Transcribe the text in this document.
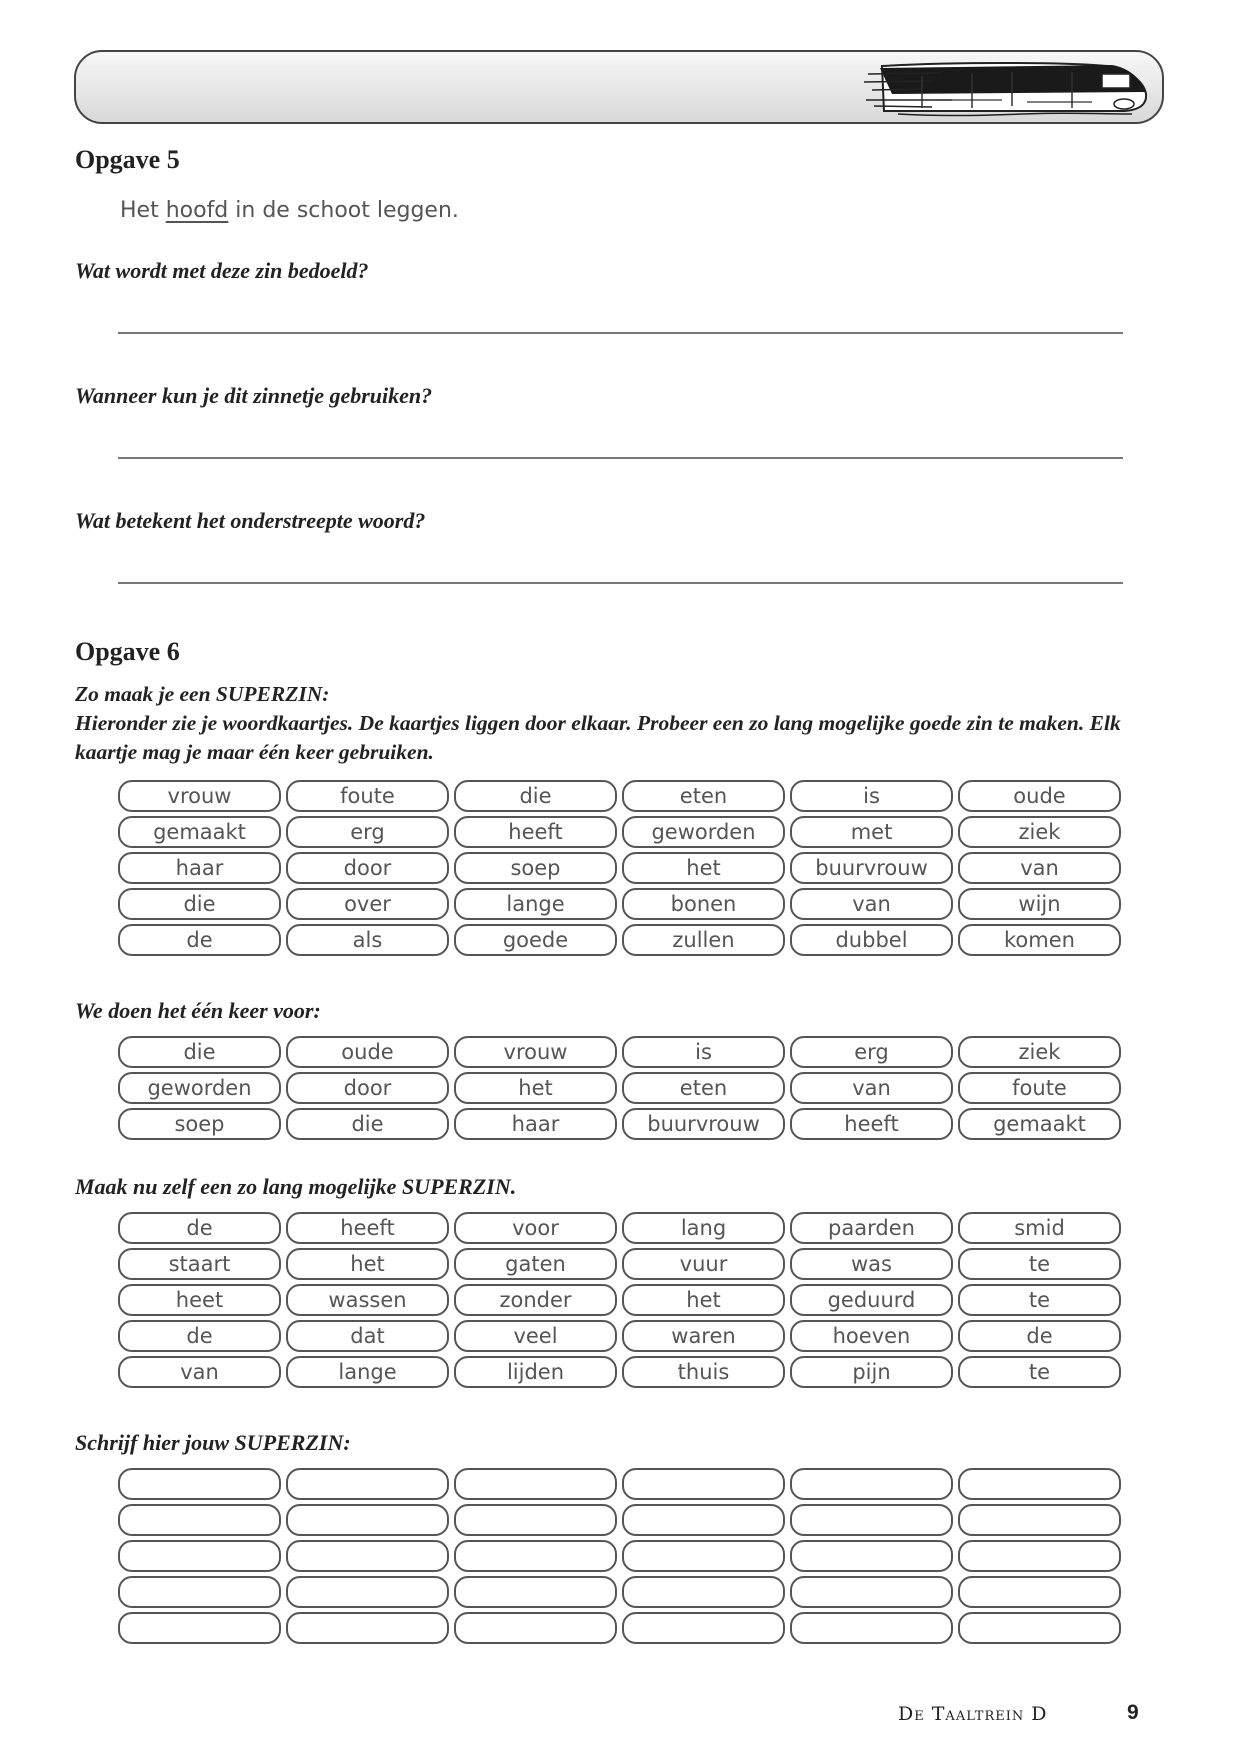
Opgave 5
Het hoofd in de schoot leggen.

Wat wordt met deze zin bedoeld?

Wanneer kun je dit zinnetje gebruiken?

Wat betekent het onderstreepte woord?

Opgave 6
Zo maak je een SUPERZIN:
Hieronder zie je woordkaartjes. De kaartjes liggen door elkaar. Probeer een zo lang mogelijke goede zin te maken. Elk kaartje mag je maar één keer gebruiken.
vrouw	foute	die	eten	is	oude
gemaakt	erg	heeft	geworden	met	ziek
haar	door	soep	het	buurvrouw	van
die	over	lange	bonen	van	wijn
de	als	goede	zullen	dubbel	komen

We doen het één keer voor:

die	oude	vrouw	is	erg	ziek
geworden	door	het	eten	van	foute
soep	die	haar	buurvrouw	heeft	gemaakt

Maak nu zelf een zo lang mogelijke SUPERZIN.

de	heeft	voor	lang	paarden	smid
staart	het	gaten	vuur	was	te
heet	wassen	zonder	het	geduurd	te
de	dat	veel	waren	hoeven	de
van	lange	lijden	thuis	pijn	te

Schrijf hier jouw SUPERZIN:

De Taaltrein D	9
